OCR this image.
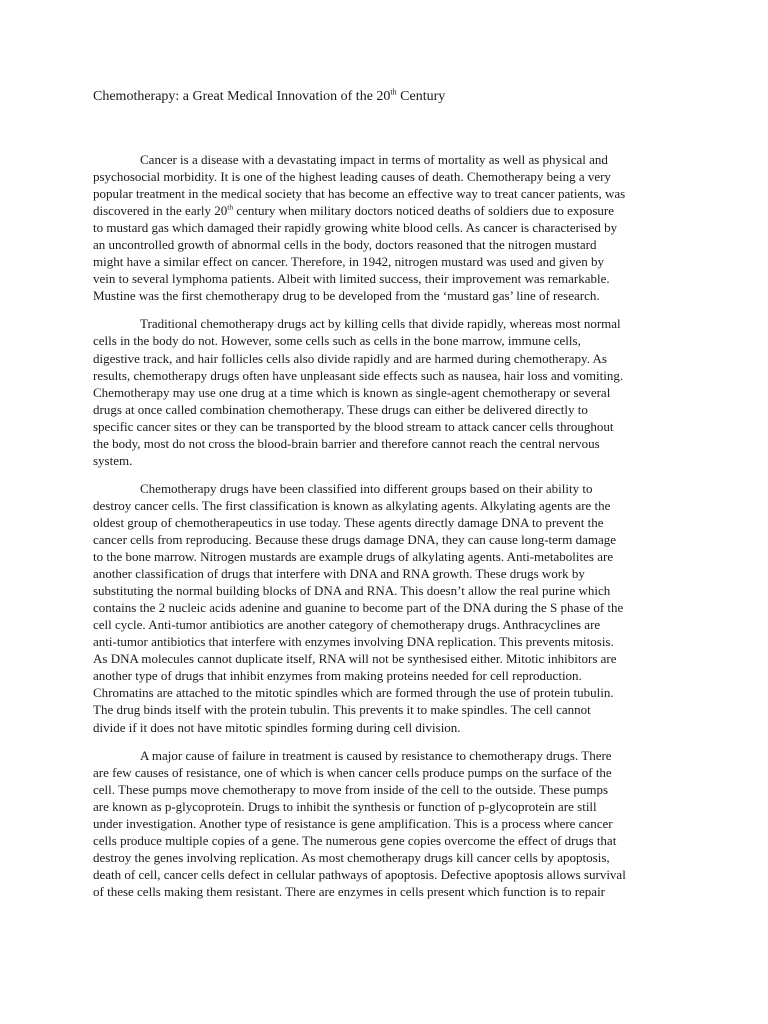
Chemotherapy: a Great Medical Innovation of the 20th Century

Cancer is a disease with a devastating impact in terms of mortality as well as physical and
psychosocial morbidity. It is one of the highest leading causes of death. Chemotherapy being a very
popular treatment in the medical society that has become an effective way to treat cancer patients, was
discovered in the early 20th century when military doctors noticed deaths of soldiers due to exposure
to mustard gas which damaged their rapidly growing white blood cells. As cancer is characterised by
an uncontrolled growth of abnormal cells in the body, doctors reasoned that the nitrogen mustard
might have a similar effect on cancer. Therefore, in 1942, nitrogen mustard was used and given by
vein to several lymphoma patients. Albeit with limited success, their improvement was remarkable.
Mustine was the first chemotherapy drug to be developed from the ‘mustard gas’ line of research.

Traditional chemotherapy drugs act by killing cells that divide rapidly, whereas most normal
cells in the body do not. However, some cells such as cells in the bone marrow, immune cells,
digestive track, and hair follicles cells also divide rapidly and are harmed during chemotherapy. As
results, chemotherapy drugs often have unpleasant side effects such as nausea, hair loss and vomiting.
Chemotherapy may use one drug at a time which is known as single-agent chemotherapy or several
drugs at once called combination chemotherapy. These drugs can either be delivered directly to
specific cancer sites or they can be transported by the blood stream to attack cancer cells throughout
the body, most do not cross the blood-brain barrier and therefore cannot reach the central nervous
system.

Chemotherapy drugs have been classified into different groups based on their ability to
destroy cancer cells. The first classification is known as alkylating agents. Alkylating agents are the
oldest group of chemotherapeutics in use today. These agents directly damage DNA to prevent the
cancer cells from reproducing. Because these drugs damage DNA, they can cause long-term damage
to the bone marrow. Nitrogen mustards are example drugs of alkylating agents. Anti-metabolites are
another classification of drugs that interfere with DNA and RNA growth. These drugs work by
substituting the normal building blocks of DNA and RNA. This doesn’t allow the real purine which
contains the 2 nucleic acids adenine and guanine to become part of the DNA during the S phase of the
cell cycle. Anti-tumor antibiotics are another category of chemotherapy drugs. Anthracyclines are
anti-tumor antibiotics that interfere with enzymes involving DNA replication. This prevents mitosis.
As DNA molecules cannot duplicate itself, RNA will not be synthesised either. Mitotic inhibitors are
another type of drugs that inhibit enzymes from making proteins needed for cell reproduction.
Chromatins are attached to the mitotic spindles which are formed through the use of protein tubulin.
The drug binds itself with the protein tubulin. This prevents it to make spindles. The cell cannot
divide if it does not have mitotic spindles forming during cell division.

A major cause of failure in treatment is caused by resistance to chemotherapy drugs. There
are few causes of resistance, one of which is when cancer cells produce pumps on the surface of the
cell. These pumps move chemotherapy to move from inside of the cell to the outside. These pumps
are known as p-glycoprotein. Drugs to inhibit the synthesis or function of p-glycoprotein are still
under investigation. Another type of resistance is gene amplification. This is a process where cancer
cells produce multiple copies of a gene. The numerous gene copies overcome the effect of drugs that
destroy the genes involving replication. As most chemotherapy drugs kill cancer cells by apoptosis,
death of cell, cancer cells defect in cellular pathways of apoptosis. Defective apoptosis allows survival
of these cells making them resistant. There are enzymes in cells present which function is to repair
